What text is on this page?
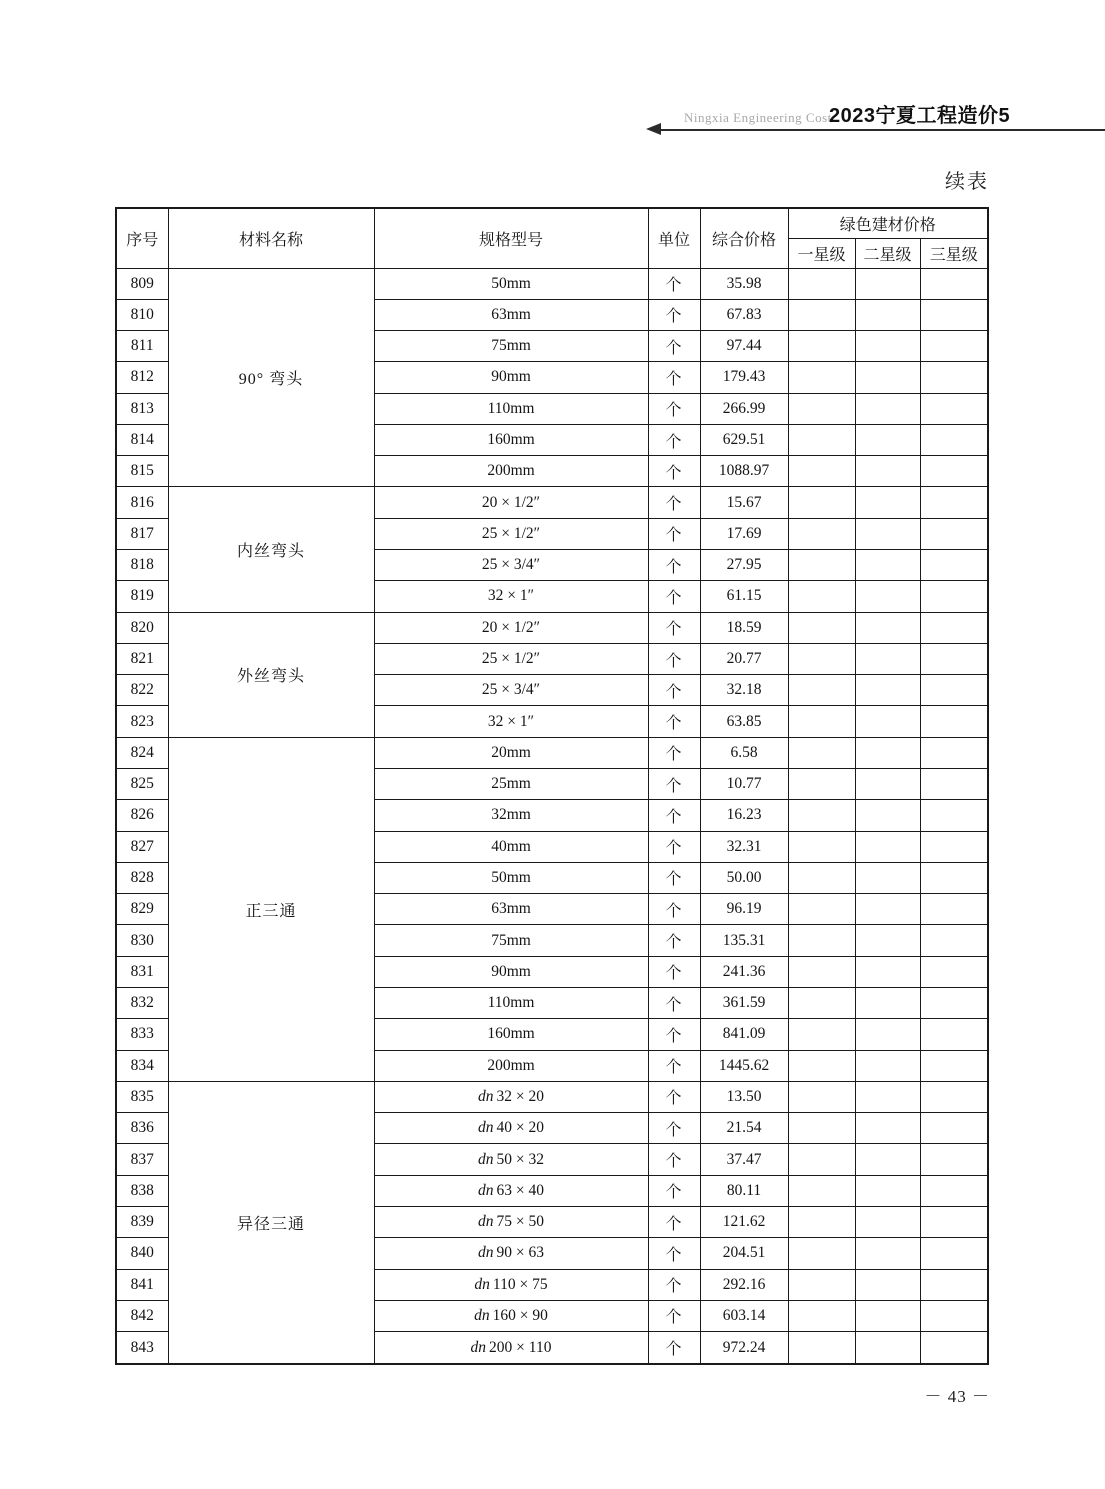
Ningxia Engineering Cost
2023宁夏工程造价5
续表
序号	材料名称	规格型号	单位	综合价格	绿色建材价格		
					一星级	二星级	三星级
809	90° 弯头	50mm	个	35.98			
810		63mm	个	67.83			
811		75mm	个	97.44			
812		90mm	个	179.43			
813		110mm	个	266.99			
814		160mm	个	629.51			
815		200mm	个	1088.97			
816	内丝弯头	20 × 1/2″	个	15.67			
817		25 × 1/2″	个	17.69			
818		25 × 3/4″	个	27.95			
819		32 × 1″	个	61.15			
820	外丝弯头	20 × 1/2″	个	18.59			
821		25 × 1/2″	个	20.77			
822		25 × 3/4″	个	32.18			
823		32 × 1″	个	63.85			
824	正三通	20mm	个	6.58			
825		25mm	个	10.77			
826		32mm	个	16.23			
827		40mm	个	32.31			
828		50mm	个	50.00			
829		63mm	个	96.19			
830		75mm	个	135.31			
831		90mm	个	241.36			
832		110mm	个	361.59			
833		160mm	个	841.09			
834		200mm	个	1445.62			
835	异径三通	dn 32 × 20	个	13.50			
836		dn 40 × 20	个	21.54			
837		dn 50 × 32	个	37.47			
838		dn 63 × 40	个	80.11			
839		dn 75 × 50	个	121.62			
840		dn 90 × 63	个	204.51			
841		dn 110 × 75	个	292.16			
842		dn 160 × 90	个	603.14			
843		dn 200 × 110	个	972.24			
－ 43 －
